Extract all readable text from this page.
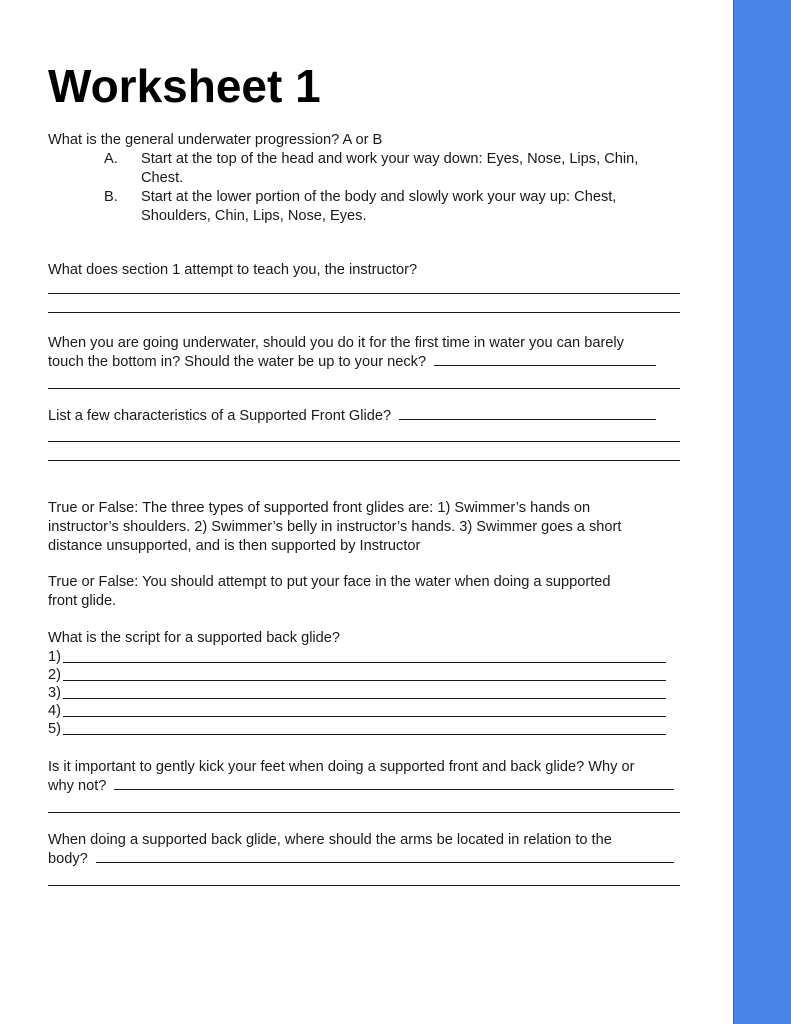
Worksheet 1
What is the general underwater progression? A or B
A. Start at the top of the head and work your way down: Eyes, Nose, Lips, Chin,
Chest.
B. Start at the lower portion of the body and slowly work your way up: Chest,
Shoulders, Chin, Lips, Nose, Eyes.
What does section 1 attempt to teach you, the instructor?
When you are going underwater, should you do it for the first time in water you can barely
touch the bottom in? Should the water be up to your neck?
List a few characteristics of a Supported Front Glide?
True or False: The three types of supported front glides are: 1) Swimmer’s hands on
instructor’s shoulders. 2) Swimmer’s belly in instructor’s hands. 3) Swimmer goes a short
distance unsupported, and is then supported by Instructor
True or False: You should attempt to put your face in the water when doing a supported
front glide.
What is the script for a supported back glide?
1)
2)
3)
4)
5)
Is it important to gently kick your feet when doing a supported front and back glide? Why or
why not?
When doing a supported back glide, where should the arms be located in relation to the
body?
